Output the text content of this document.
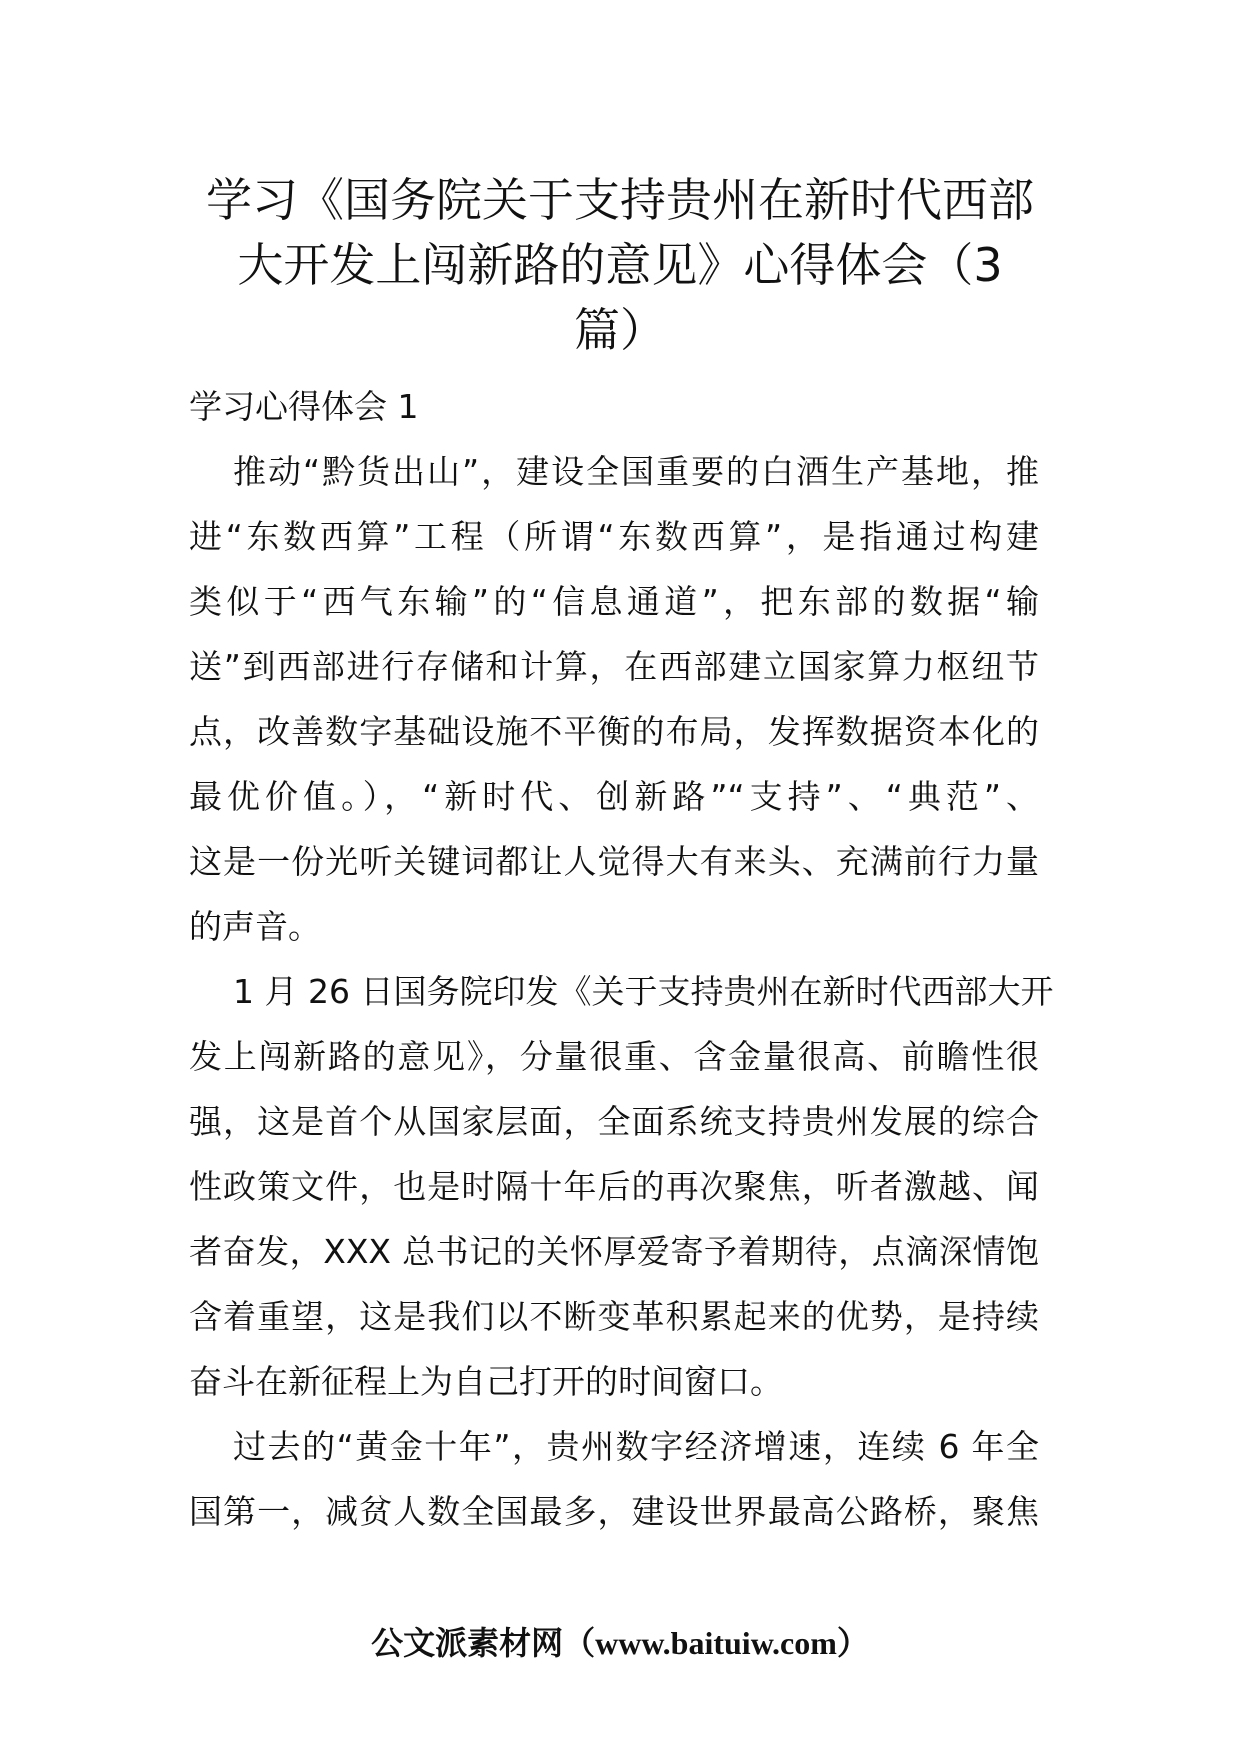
学习《国务院关于支持贵州在新时代西部
大开发上闯新路的意见》心得体会（3
篇）
学习心得体会 1
推动“黔货出山”，建设全国重要的白酒生产基地，推
进“东数西算”工程（所谓“东数西算”，是指通过构建
类似于“西气东输”的“信息通道”，把东部的数据“输
送”到西部进行存储和计算，在西部建立国家算力枢纽节
点，改善数字基础设施不平衡的布局，发挥数据资本化的
最优价值。），“新时代、创新路”“支持”、“典范”、
这是一份光听关键词都让人觉得大有来头、充满前行力量
的声音。
1 月 26 日国务院印发《关于支持贵州在新时代西部大开
发上闯新路的意见》，分量很重、含金量很高、前瞻性很
强，这是首个从国家层面，全面系统支持贵州发展的综合
性政策文件，也是时隔十年后的再次聚焦，听者激越、闻
者奋发，XXX 总书记的关怀厚爱寄予着期待，点滴深情饱
含着重望，这是我们以不断变革积累起来的优势，是持续
奋斗在新征程上为自己打开的时间窗口。
过去的“黄金十年”，贵州数字经济增速，连续 6 年全
国第一，减贫人数全国最多，建设世界最高公路桥，聚焦
公文派素材网（www.baituiw.com）
